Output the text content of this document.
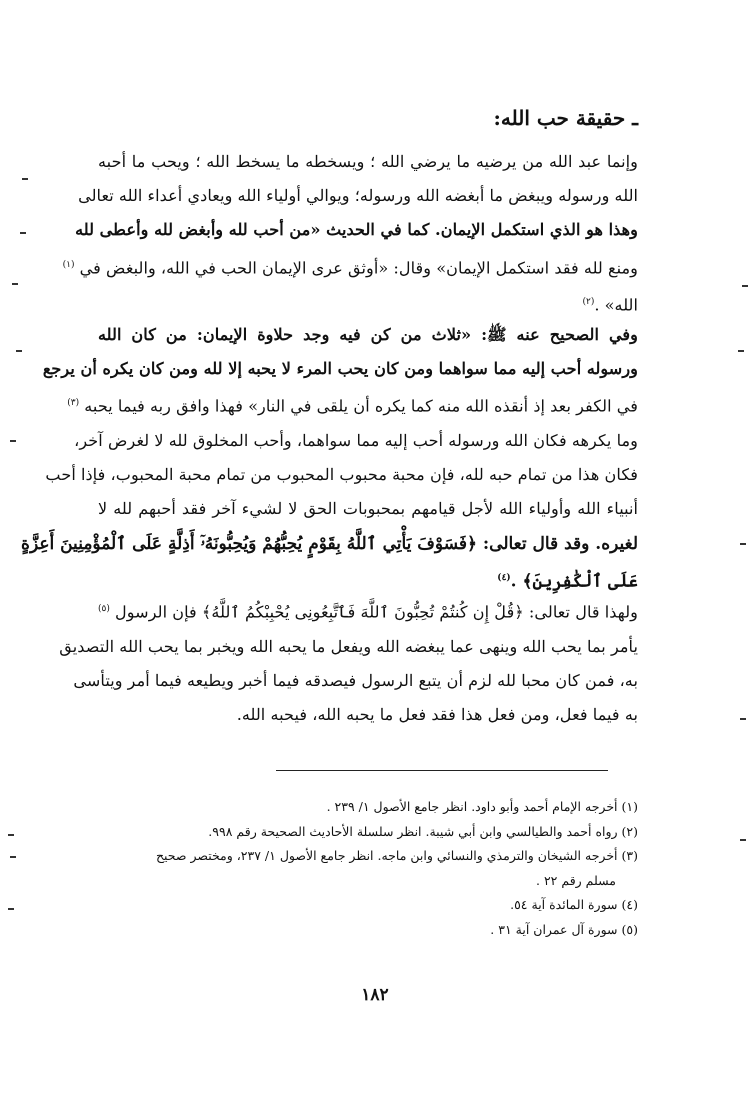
ـ حقيقة حب الله:
وإنما عبد الله من يرضيه ما يرضي الله ؛ ويسخطه ما يسخط الله ؛ ويحب ما أحبه
الله ورسوله ويبغض ما أبغضه الله ورسوله؛ ويوالي أولياء الله ويعادي أعداء الله تعالى
وهذا هو الذي استكمل الإيمان. كما في الحديث «من أحب لله وأبغض لله وأعطى لله
ومنع لله فقد استكمل الإيمان» وقال: «أوثق عرى الإيمان الحب في الله، والبغض في $^{(١)}$
الله» .$^{(٢)}$
وفي الصحيح عنه ﷺ: «ثلاث من كن فيه وجد حلاوة الإيمان: من كان الله
ورسوله أحب إليه مما سواهما ومن كان يحب المرء لا يحبه إلا لله ومن كان يكره أن يرجع
في الكفر بعد إذ أنقذه الله منه كما يكره أن يلقى في النار» فهذا وافق ربه فيما يحبه $^{(٣)}$
وما يكرهه فكان الله ورسوله أحب إليه مما سواهما، وأحب المخلوق لله لا لغرض آخر،
فكان هذا من تمام حبه لله، فإن محبة محبوب المحبوب من تمام محبة المحبوب، فإذا أحب
أنبياء الله وأولياء الله لأجل قيامهم بمحبوبات الحق لا لشيء آخر فقد أحبهم لله لا
لغيره. وقد قال تعالى: ﴿فَسَوْفَ يَأْتِي ٱللَّهُ بِقَوْمٍ يُحِبُّهُمْ وَيُحِبُّونَهُۥٓ أَذِلَّةٍ عَلَى ٱلْمُؤْمِنِينَ أَعِزَّةٍ
عَلَى ٱلْكَٰفِرِينَ﴾ .$^{(٤)}$
ولهذا قال تعالى: ﴿قُلْ إِن كُنتُمْ تُحِبُّونَ ٱللَّهَ فَٱتَّبِعُونِى يُحْبِبْكُمُ ٱللَّهُ﴾ فإن الرسول $^{(٥)}$
يأمر بما يحب الله وينهى عما يبغضه الله ويفعل ما يحبه الله ويخبر بما يحب الله التصديق
به، فمن كان محبا لله لزم أن يتبع الرسول فيصدقه فيما أخبر ويطيعه فيما أمر ويتأسى
به فيما فعل، ومن فعل هذا فقد فعل ما يحبه الله، فيحبه الله.
(١) أخرجه الإمام أحمد وأبو داود. انظر جامع الأصول ١/ ٢٣٩ .
(٢) رواه أحمد والطيالسي وابن أبي شيبة. انظر سلسلة الأحاديث الصحيحة رقم ٩٩٨.
(٣) أخرجه الشيخان والترمذي والنسائي وابن ماجه. انظر جامع الأصول ١/ ٢٣٧، ومختصر صحيح
مسلم رقم ٢٢ .
(٤) سورة المائدة آية ٥٤.
(٥) سورة آل عمران آية ٣١ .
١٨٢
